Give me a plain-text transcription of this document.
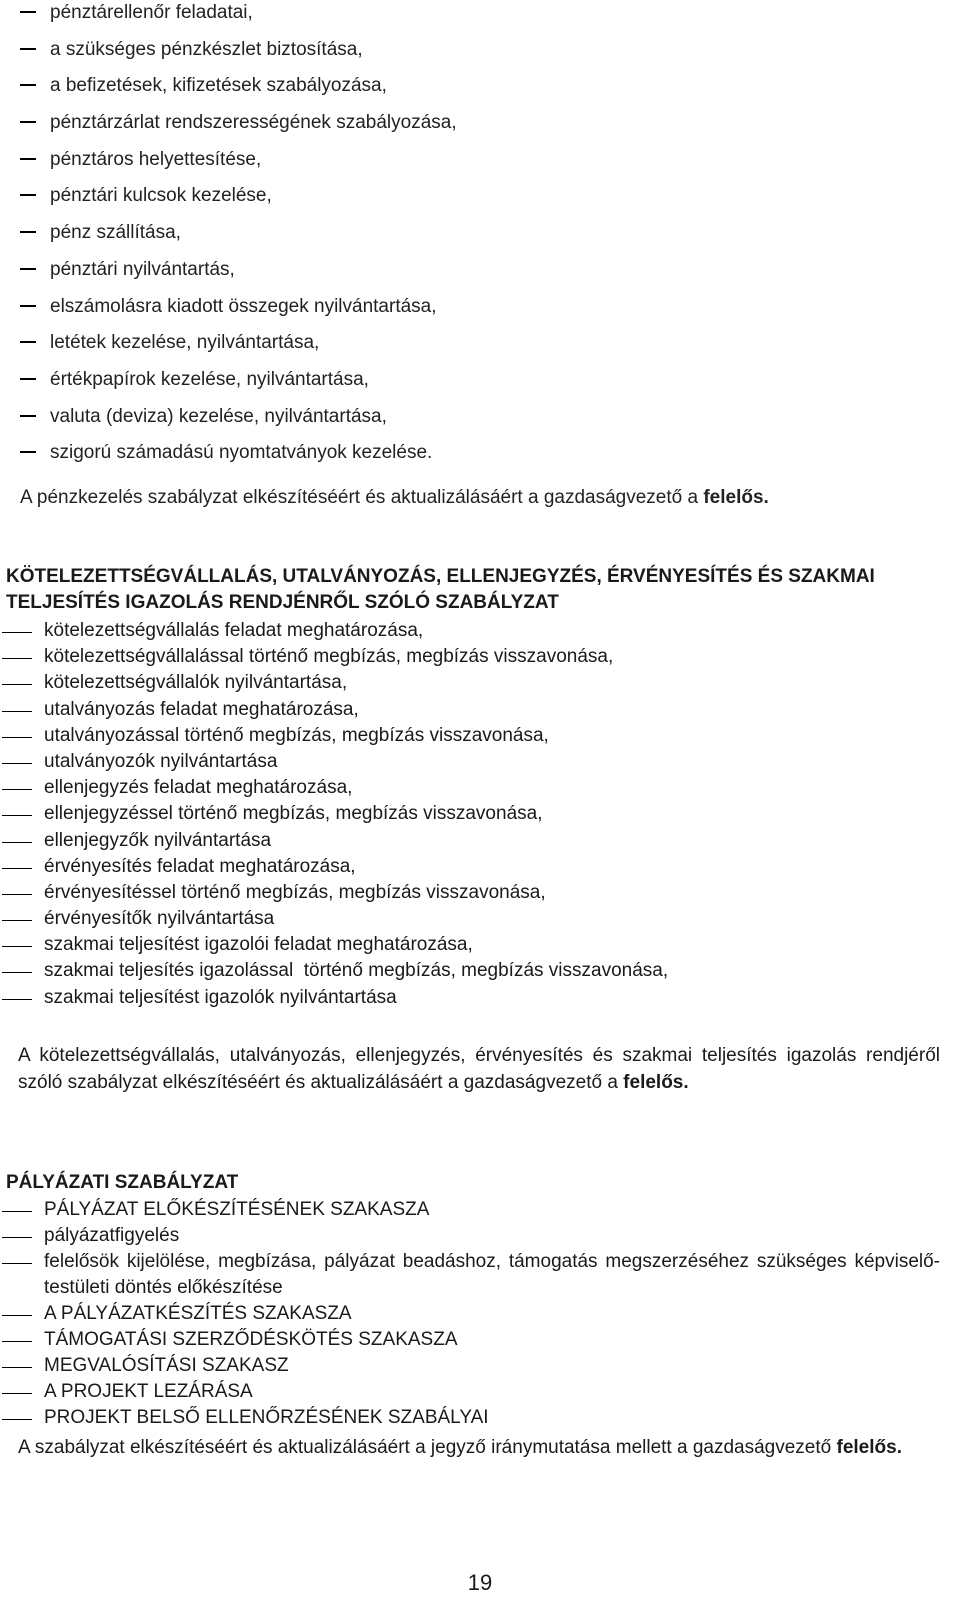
pénztárellenőr feladatai,
a szükséges pénzkészlet biztosítása,
a befizetések, kifizetések szabályozása,
pénztárzárlat rendszerességének szabályozása,
pénztáros helyettesítése,
pénztári kulcsok kezelése,
pénz szállítása,
pénztári nyilvántartás,
elszámolásra kiadott összegek nyilvántartása,
letétek kezelése, nyilvántartása,
értékpapírok kezelése, nyilvántartása,
valuta (deviza) kezelése, nyilvántartása,
szigorú számadású nyomtatványok kezelése.

A pénzkezelés szabályzat elkészítéséért és aktualizálásáért a gazdaságvezető a felelős.

KÖTELEZETTSÉGVÁLLALÁS, UTALVÁNYOZÁS, ELLENJEGYZÉS, ÉRVÉNYESÍTÉS ÉS SZAKMAI TELJESÍTÉS IGAZOLÁS RENDJÉNRŐL SZÓLÓ SZABÁLYZAT
kötelezettségvállalás feladat meghatározása,
kötelezettségvállalással történő megbízás, megbízás visszavonása,
kötelezettségvállalók nyilvántartása,
utalványozás feladat meghatározása,
utalványozással történő megbízás, megbízás visszavonása,
utalványozók nyilvántartása
ellenjegyzés feladat meghatározása,
ellenjegyzéssel történő megbízás, megbízás visszavonása,
ellenjegyzők nyilvántartása
érvényesítés feladat meghatározása,
érvényesítéssel történő megbízás, megbízás visszavonása,
érvényesítők nyilvántartása
szakmai teljesítést igazolói feladat meghatározása,
szakmai teljesítés igazolással  történő megbízás, megbízás visszavonása,
szakmai teljesítést igazolók nyilvántartása

A kötelezettségvállalás, utalványozás, ellenjegyzés, érvényesítés és szakmai teljesítés igazolás rendjéről szóló szabályzat elkészítéséért és aktualizálásáért a gazdaságvezető a felelős.

PÁLYÁZATI SZABÁLYZAT
PÁLYÁZAT ELŐKÉSZÍTÉSÉNEK SZAKASZA
pályázatfigyelés
felelősök kijelölése, megbízása, pályázat beadáshoz, támogatás megszerzéséhez szükséges képviselő-testületi döntés előkészítése
A PÁLYÁZATKÉSZÍTÉS SZAKASZA
TÁMOGATÁSI SZERZŐDÉSKÖTÉS SZAKASZA
MEGVALÓSÍTÁSI SZAKASZ
A PROJEKT LEZÁRÁSA
PROJEKT BELSŐ ELLENŐRZÉSÉNEK SZABÁLYAI

A szabályzat elkészítéséért és aktualizálásáért a jegyző iránymutatása mellett a gazdaságvezető felelős.

19
